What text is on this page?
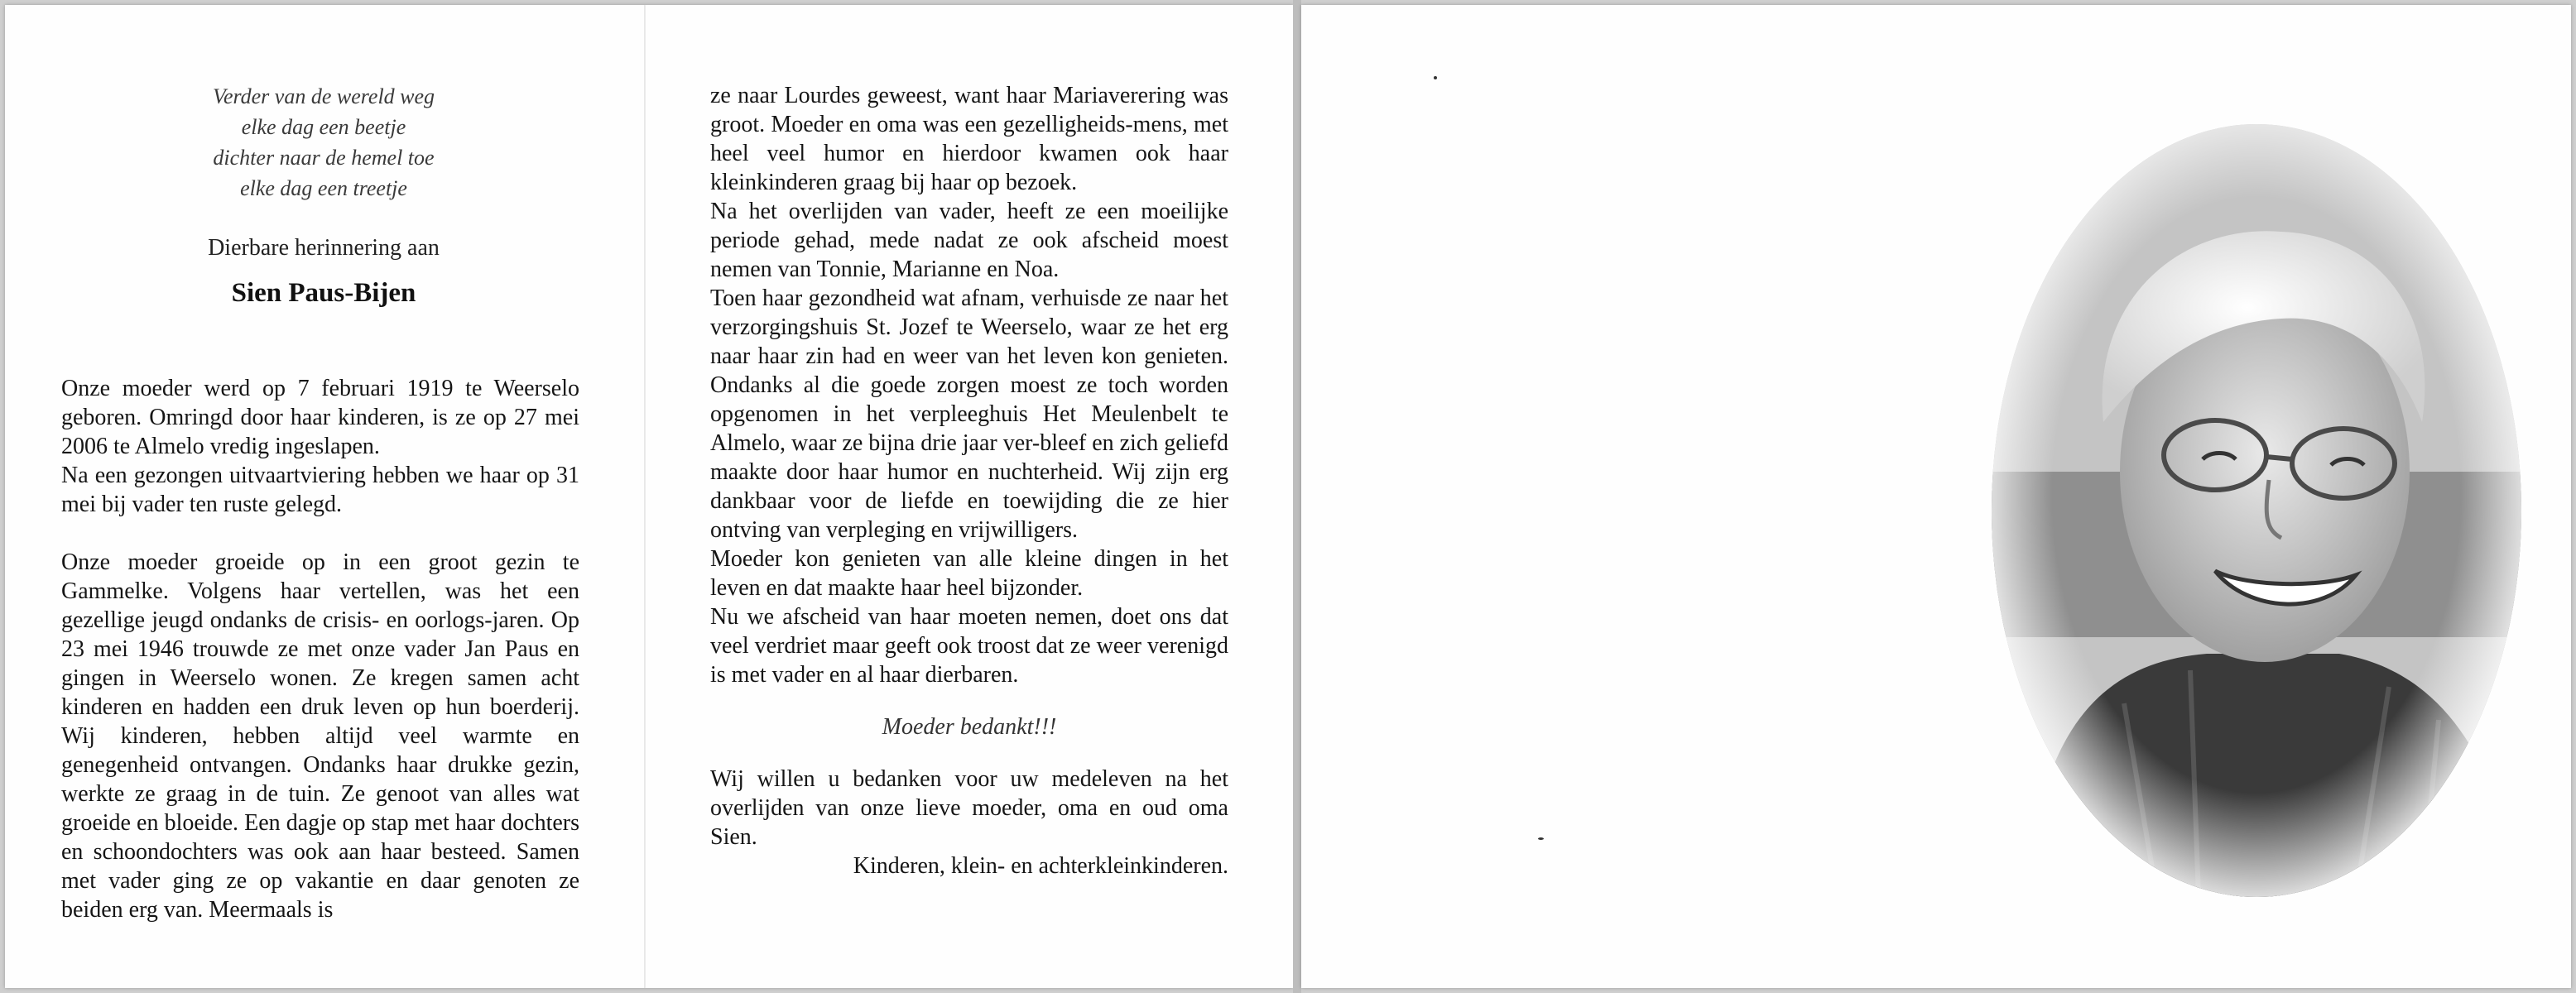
Verder van de wereld weg
elke dag een beetje
dichter naar de hemel toe
elke dag een treetje
Dierbare herinnering aan
Sien Paus-Bijen

Onze moeder werd op 7 februari 1919 te Weerselo geboren. Omringd door haar kinderen, is ze op 27 mei 2006 te Almelo vredig ingeslapen.

Na een gezongen uitvaartviering hebben we haar op 31 mei bij vader ten ruste gelegd.

Onze moeder groeide op in een groot gezin te Gammelke. Volgens haar vertellen, was het een gezellige jeugd ondanks de crisis- en oorlogs-jaren. Op 23 mei 1946 trouwde ze met onze vader Jan Paus en gingen in Weerselo wonen. Ze kregen samen acht kinderen en hadden een druk leven op hun boerderij. Wij kinderen, hebben altijd veel warmte en genegenheid ontvangen. Ondanks haar drukke gezin, werkte ze graag in de tuin. Ze genoot van alles wat groeide en bloeide. Een dagje op stap met haar dochters en schoondochters was ook aan haar besteed. Samen met vader ging ze op vakantie en daar genoten ze beiden erg van. Meermaals is

ze naar Lourdes geweest, want haar Mariaverering was groot. Moeder en oma was een gezelligheids-mens, met heel veel humor en hierdoor kwamen ook haar kleinkinderen graag bij haar op bezoek.

Na het overlijden van vader, heeft ze een moeilijke periode gehad, mede nadat ze ook afscheid moest nemen van Tonnie, Marianne en Noa.

Toen haar gezondheid wat afnam, verhuisde ze naar het verzorgingshuis St. Jozef te Weerselo, waar ze het erg naar haar zin had en weer van het leven kon genieten. Ondanks al die goede zorgen moest ze toch worden opgenomen in het verpleeghuis Het Meulenbelt te Almelo, waar ze bijna drie jaar ver-bleef en zich geliefd maakte door haar humor en nuchterheid. Wij zijn erg dankbaar voor de liefde en toewijding die ze hier ontving van verpleging en vrijwilligers.

Moeder kon genieten van alle kleine dingen in het leven en dat maakte haar heel bijzonder.

Nu we afscheid van haar moeten nemen, doet ons dat veel verdriet maar geeft ook troost dat ze weer verenigd is met vader en al haar dierbaren.

Moeder bedankt!!!

Wij willen u bedanken voor uw medeleven na het overlijden van onze lieve moeder, oma en oud oma Sien.

Kinderen, klein- en achterkleinkinderen.
